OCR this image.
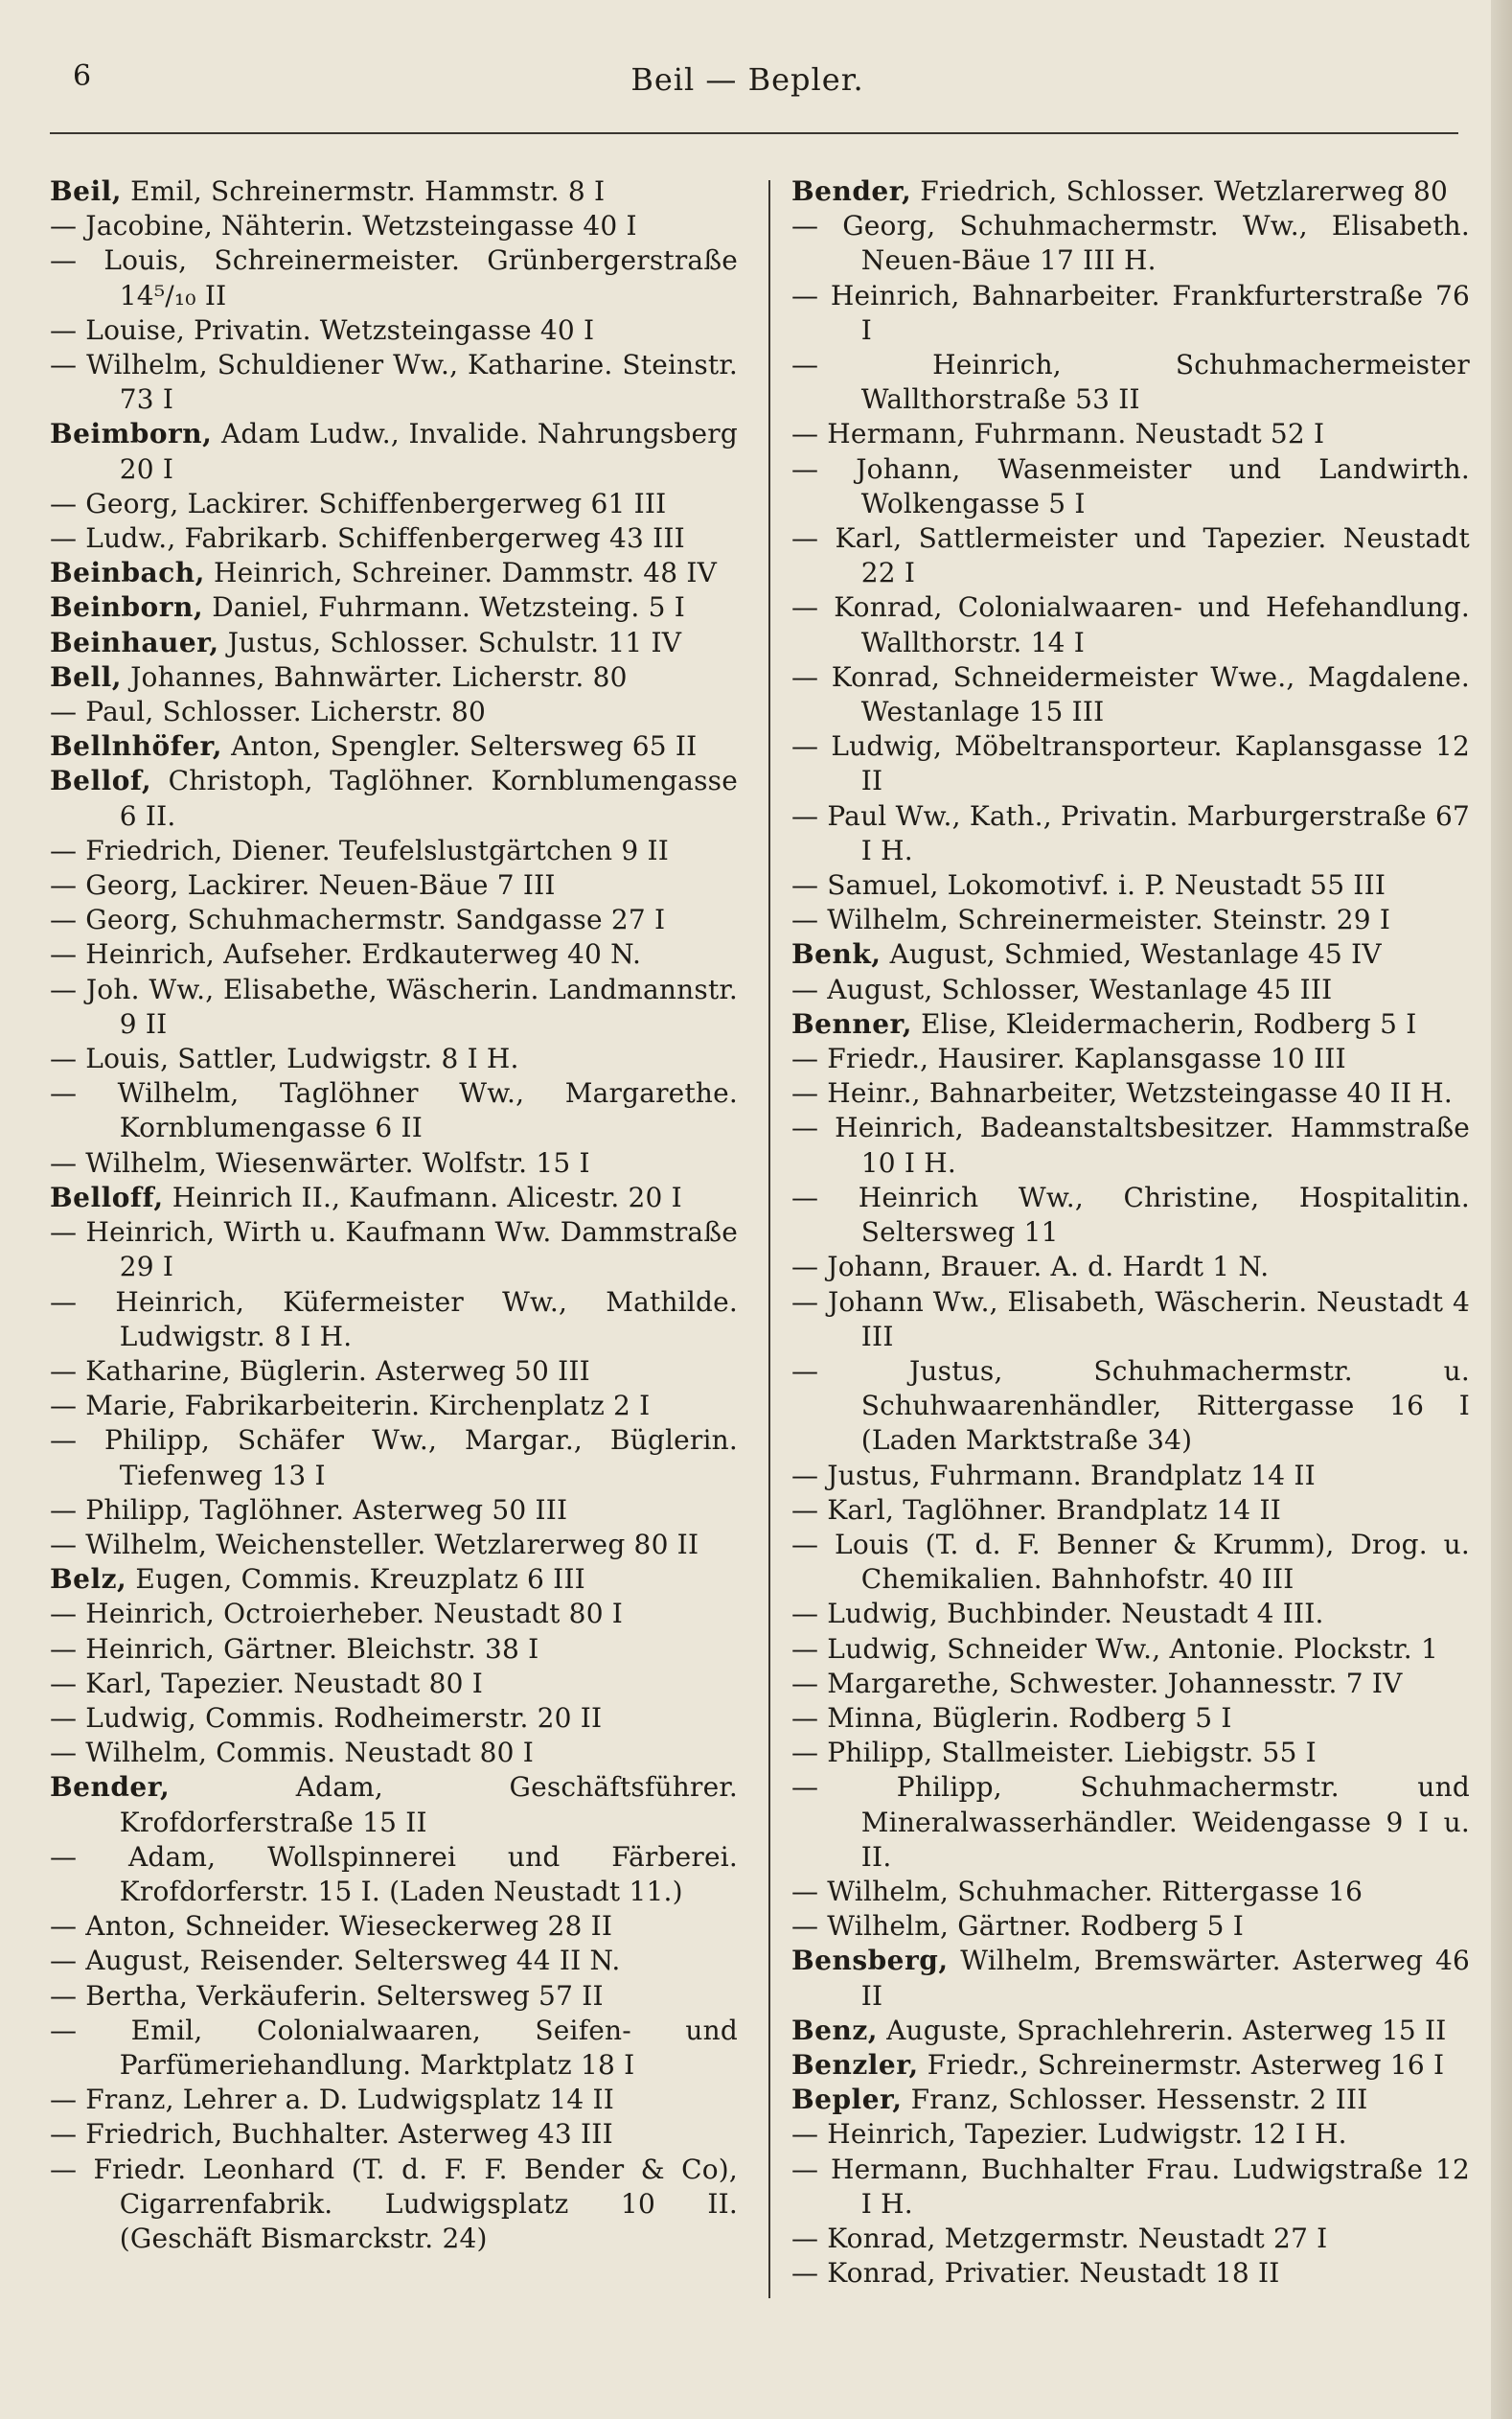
6	Beil — Bepler.
Beil, Emil, Schreinermstr. Hammstr. 8 I
— Jacobine, Nähterin. Wetzsteingasse 40 I
— Louis, Schreinermeister. Grünbergerstraße 14⁵/₁₀ II
— Louise, Privatin. Wetzsteingasse 40 I
— Wilhelm, Schuldiener Ww., Katharine. Steinstr. 73 I
Beimborn, Adam Ludw., Invalide. Nahrungsberg 20 I
— Georg, Lackirer. Schiffenbergerweg 61 III
— Ludw., Fabrikarb. Schiffenbergerweg 43 III
Beinbach, Heinrich, Schreiner. Dammstr. 48 IV
Beinborn, Daniel, Fuhrmann. Wetzsteing. 5 I
Beinhauer, Justus, Schlosser. Schulstr. 11 IV
Bell, Johannes, Bahnwärter. Licherstr. 80
— Paul, Schlosser. Licherstr. 80
Bellnhöfer, Anton, Spengler. Seltersweg 65 II
Bellof, Christoph, Taglöhner. Kornblumengasse 6 II.
— Friedrich, Diener. Teufelslustgärtchen 9 II
— Georg, Lackirer. Neuen-Bäue 7 III
— Georg, Schuhmachermstr. Sandgasse 27 I
— Heinrich, Aufseher. Erdkauterweg 40 N.
— Joh. Ww., Elisabethe, Wäscherin. Landmannstr. 9 II
— Louis, Sattler, Ludwigstr. 8 I H.
— Wilhelm, Taglöhner Ww., Margarethe. Kornblumengasse 6 II
— Wilhelm, Wiesenwärter. Wolfstr. 15 I
Belloff, Heinrich II., Kaufmann. Alicestr. 20 I
— Heinrich, Wirth u. Kaufmann Ww. Dammstraße 29 I
— Heinrich, Küfermeister Ww., Mathilde. Ludwigstr. 8 I H.
— Katharine, Büglerin. Asterweg 50 III
— Marie, Fabrikarbeiterin. Kirchenplatz 2 I
— Philipp, Schäfer Ww., Margar., Büglerin. Tiefenweg 13 I
— Philipp, Taglöhner. Asterweg 50 III
— Wilhelm, Weichensteller. Wetzlarerweg 80 II
Belz, Eugen, Commis. Kreuzplatz 6 III
— Heinrich, Octroierheber. Neustadt 80 I
— Heinrich, Gärtner. Bleichstr. 38 I
— Karl, Tapezier. Neustadt 80 I
— Ludwig, Commis. Rodheimerstr. 20 II
— Wilhelm, Commis. Neustadt 80 I
Bender, Adam, Geschäftsführer. Krofdorferstraße 15 II
— Adam, Wollspinnerei und Färberei. Krofdorferstr. 15 I. (Laden Neustadt 11.)
— Anton, Schneider. Wieseckerweg 28 II
— August, Reisender. Seltersweg 44 II N.
— Bertha, Verkäuferin. Seltersweg 57 II
— Emil, Colonialwaaren, Seifen- und Parfümeriehandlung. Marktplatz 18 I
— Franz, Lehrer a. D. Ludwigsplatz 14 II
— Friedrich, Buchhalter. Asterweg 43 III
— Friedr. Leonhard (T. d. F. F. Bender & Co), Cigarrenfabrik. Ludwigsplatz 10 II. (Geschäft Bismarckstr. 24)
Bender, Friedrich, Schlosser. Wetzlarerweg 80
— Georg, Schuhmachermstr. Ww., Elisabeth. Neuen-Bäue 17 III H.
— Heinrich, Bahnarbeiter. Frankfurterstraße 76 I
— Heinrich, Schuhmachermeister Wallthorstraße 53 II
— Hermann, Fuhrmann. Neustadt 52 I
— Johann, Wasenmeister und Landwirth. Wolkengasse 5 I
— Karl, Sattlermeister und Tapezier. Neustadt 22 I
— Konrad, Colonialwaaren- und Hefehandlung. Wallthorstr. 14 I
— Konrad, Schneidermeister Wwe., Magdalene. Westanlage 15 III
— Ludwig, Möbeltransporteur. Kaplansgasse 12 II
— Paul Ww., Kath., Privatin. Marburgerstraße 67 I H.
— Samuel, Lokomotivf. i. P. Neustadt 55 III
— Wilhelm, Schreinermeister. Steinstr. 29 I
Benk, August, Schmied, Westanlage 45 IV
— August, Schlosser, Westanlage 45 III
Benner, Elise, Kleidermacherin, Rodberg 5 I
— Friedr., Hausirer. Kaplansgasse 10 III
— Heinr., Bahnarbeiter, Wetzsteingasse 40 II H.
— Heinrich, Badeanstaltsbesitzer. Hammstraße 10 I H.
— Heinrich Ww., Christine, Hospitalitin. Seltersweg 11
— Johann, Brauer. A. d. Hardt 1 N.
— Johann Ww., Elisabeth, Wäscherin. Neustadt 4 III
— Justus, Schuhmachermstr. u. Schuhwaarenhändler, Rittergasse 16 I (Laden Marktstraße 34)
— Justus, Fuhrmann. Brandplatz 14 II
— Karl, Taglöhner. Brandplatz 14 II
— Louis (T. d. F. Benner & Krumm), Drog. u. Chemikalien. Bahnhofstr. 40 III
— Ludwig, Buchbinder. Neustadt 4 III.
— Ludwig, Schneider Ww., Antonie. Plockstr. 1
— Margarethe, Schwester. Johannesstr. 7 IV
— Minna, Büglerin. Rodberg 5 I
— Philipp, Stallmeister. Liebigstr. 55 I
— Philipp, Schuhmachermstr. und Mineralwasserhändler. Weidengasse 9 I u. II.
— Wilhelm, Schuhmacher. Rittergasse 16
— Wilhelm, Gärtner. Rodberg 5 I
Bensberg, Wilhelm, Bremswärter. Asterweg 46 II
Benz, Auguste, Sprachlehrerin. Asterweg 15 II
Benzler, Friedr., Schreinermstr. Asterweg 16 I
Bepler, Franz, Schlosser. Hessenstr. 2 III
— Heinrich, Tapezier. Ludwigstr. 12 I H.
— Hermann, Buchhalter Frau. Ludwigstraße 12 I H.
— Konrad, Metzgermstr. Neustadt 27 I
— Konrad, Privatier. Neustadt 18 II
